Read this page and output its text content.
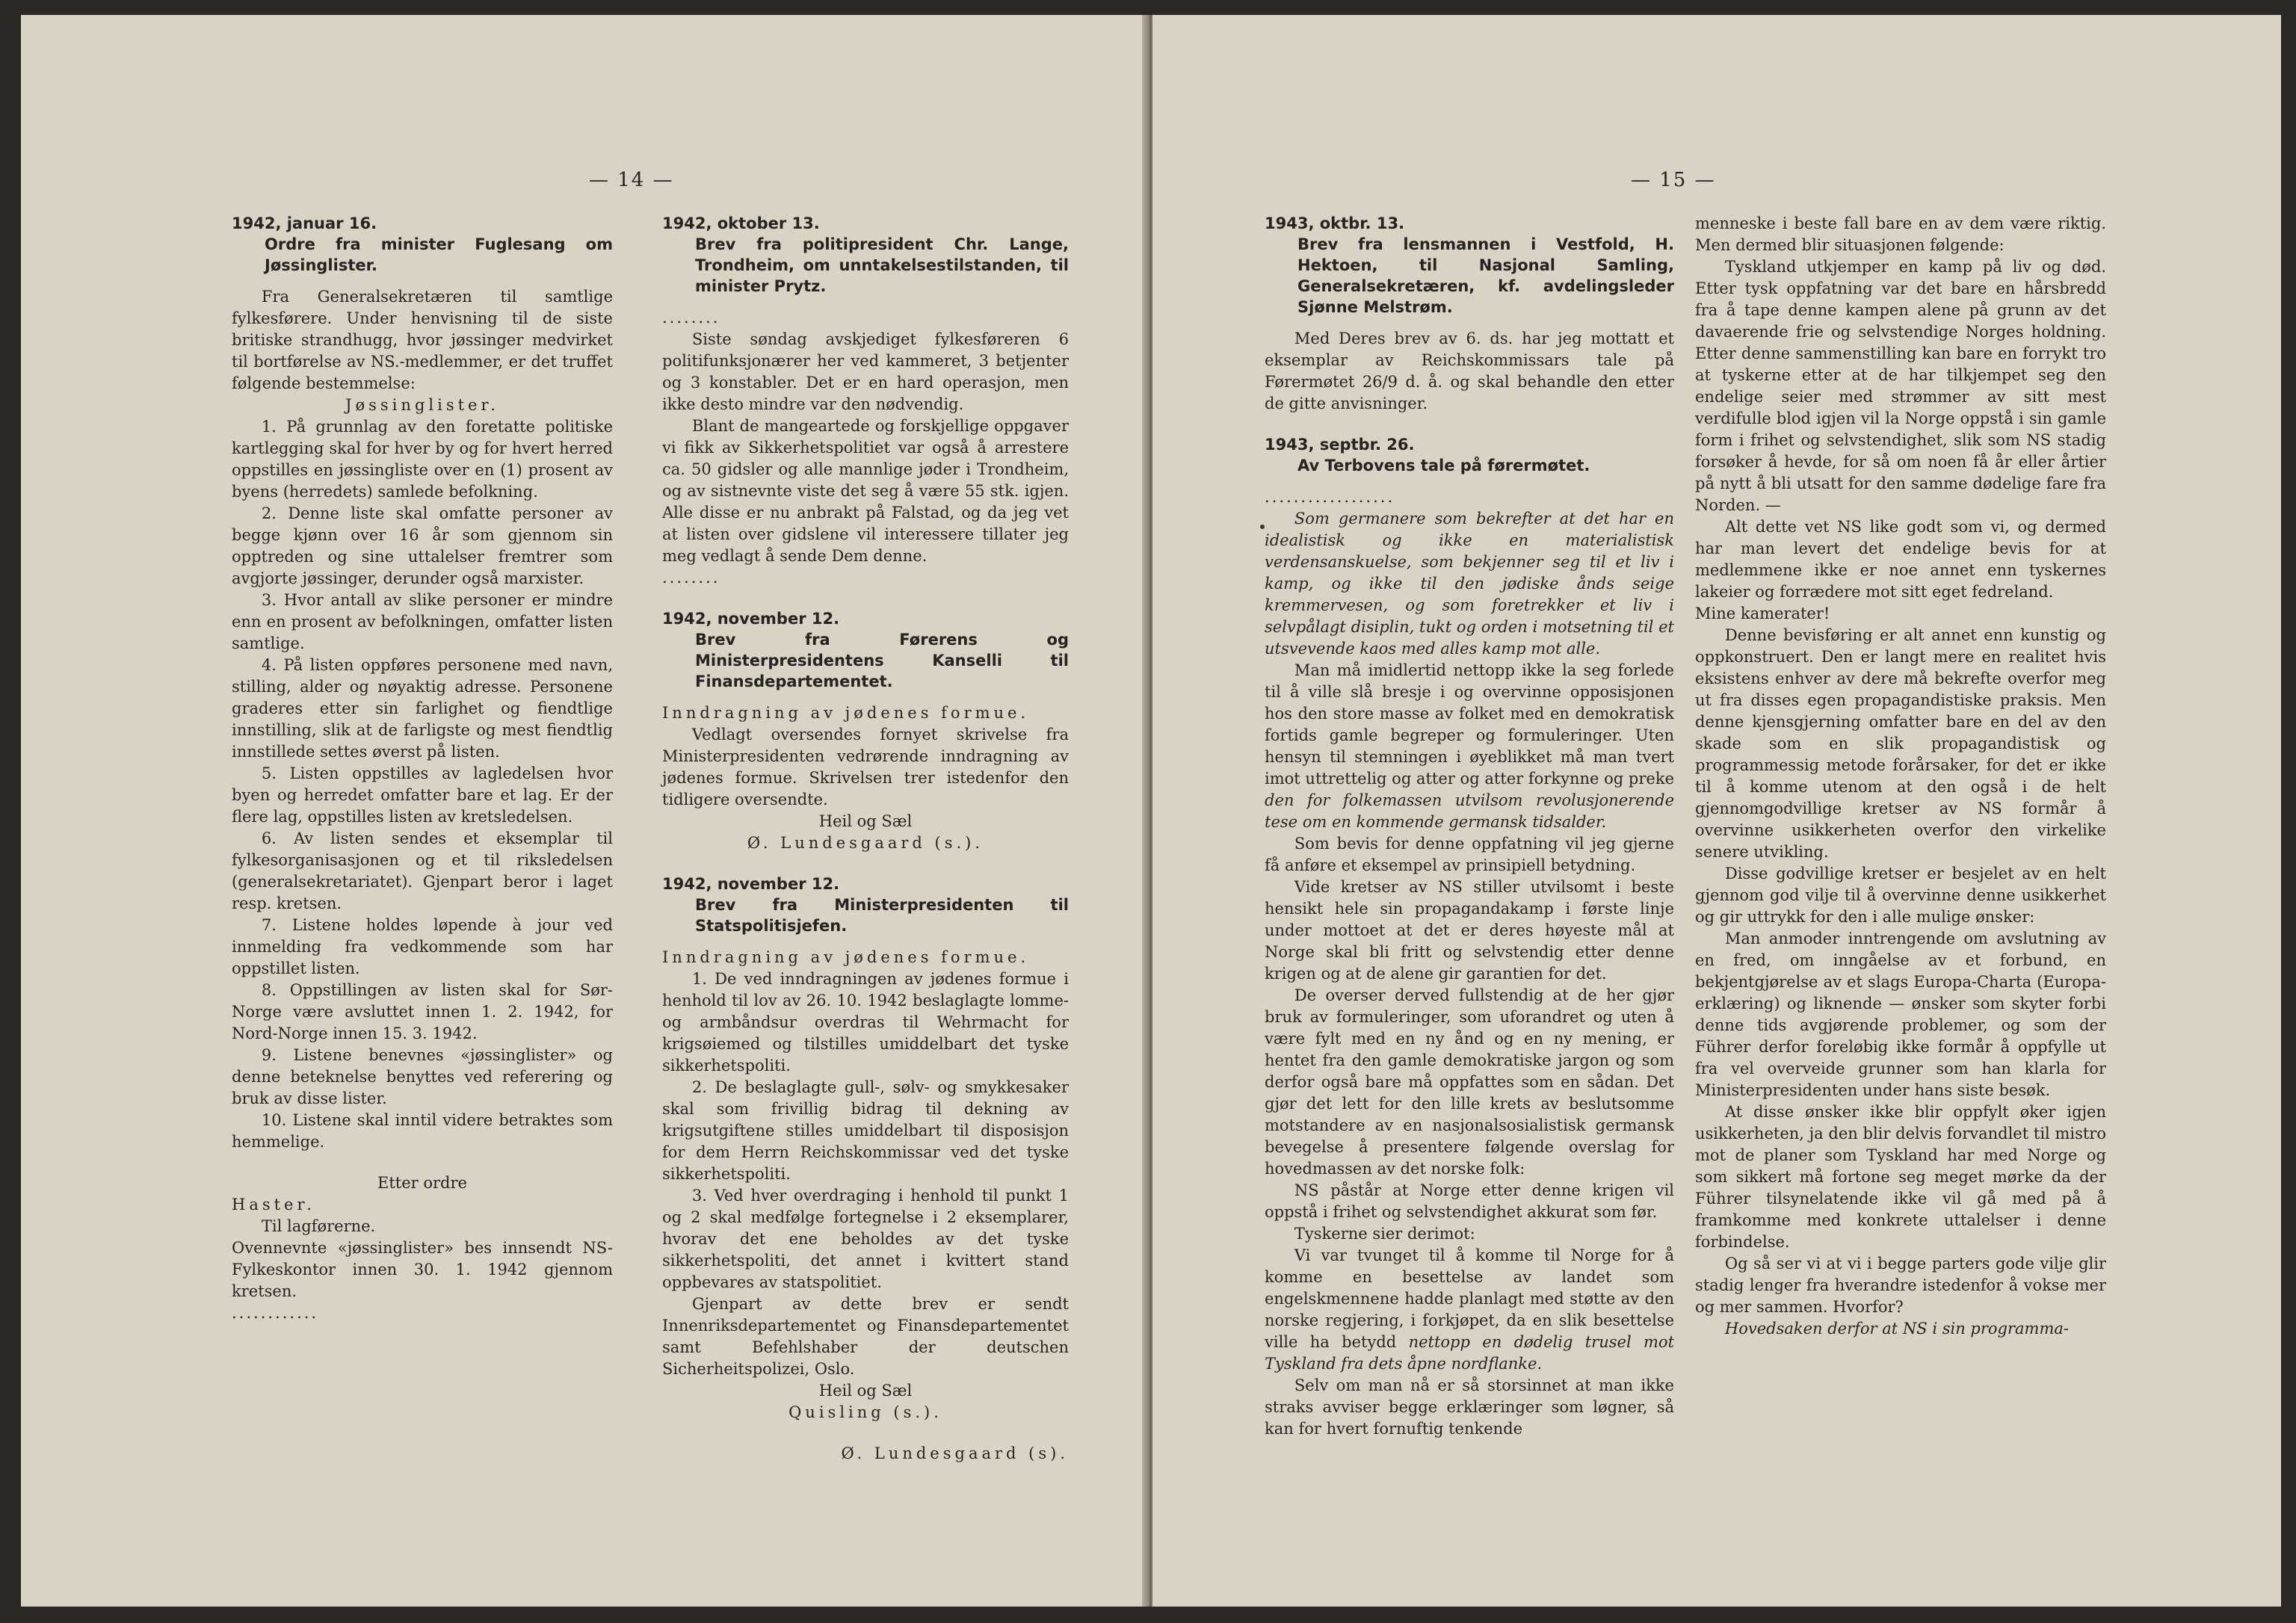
— 14 —

1942, januar 16.

Ordre fra minister Fuglesang om Jøssinglister.

Fra Generalsekretæren til samtlige fylkesførere. Under henvisning til de siste britiske strandhugg, hvor jøssinger medvirket til bortførelse av NS.-medlemmer, er det truffet følgende bestemmelse:

Jøssinglister.

1. På grunnlag av den foretatte politiske kartlegging skal for hver by og for hvert herred oppstilles en jøssingliste over en (1) prosent av byens (herredets) samlede befolkning.

2. Denne liste skal omfatte personer av begge kjønn over 16 år som gjennom sin opptreden og sine uttalelser fremtrer som avgjorte jøssinger, derunder også marxister.

3. Hvor antall av slike personer er mindre enn en prosent av befolkningen, omfatter listen samtlige.

4. På listen oppføres personene med navn, stilling, alder og nøyaktig adresse. Personene graderes etter sin farlighet og fiendtlige innstilling, slik at de farligste og mest fiendtlig innstillede settes øverst på listen.

5. Listen oppstilles av lagledelsen hvor byen og herredet omfatter bare et lag. Er der flere lag, oppstilles listen av kretsledelsen.

6. Av listen sendes et eksemplar til fylkesorganisasjonen og et til riksledelsen (generalsekretariatet). Gjenpart beror i laget resp. kretsen.

7. Listene holdes løpende à jour ved innmelding fra vedkommende som har oppstillet listen.

8. Oppstillingen av listen skal for Sør-Norge være avsluttet innen 1. 2. 1942, for Nord-Norge innen 15. 3. 1942.

9. Listene benevnes «jøssinglister» og denne beteknelse benyttes ved referering og bruk av disse lister.

10. Listene skal inntil videre betraktes som hemmelige.

Etter ordre

Haster.

Til lagførerne.

Ovennevnte «jøssinglister» bes innsendt NS-Fylkeskontor innen 30. 1. 1942 gjennom kretsen.

............

1942, oktober 13.

Brev fra politipresident Chr. Lange, Trondheim, om unntakelsestilstanden, til minister Prytz.

........

Siste søndag avskjediget fylkesføreren 6 politifunksjonærer her ved kammeret, 3 betjenter og 3 konstabler. Det er en hard operasjon, men ikke desto mindre var den nødvendig.

Blant de mangeartede og forskjellige oppgaver vi fikk av Sikkerhetspolitiet var også å arrestere ca. 50 gidsler og alle mannlige jøder i Trondheim, og av sistnevnte viste det seg å være 55 stk. igjen. Alle disse er nu anbrakt på Falstad, og da jeg vet at listen over gidslene vil interessere tillater jeg meg vedlagt å sende Dem denne.

........

1942, november 12.

Brev fra Førerens og Ministerpresidentens Kanselli til Finansdepartementet.

Inndragning av jødenes formue.

Vedlagt oversendes fornyet skrivelse fra Ministerpresidenten vedrørende inndragning av jødenes formue. Skrivelsen trer istedenfor den tidligere oversendte.

Heil og Sæl

Ø. Lundesgaard (s.).

1942, november 12.

Brev fra Ministerpresidenten til Statspolitisjefen.

Inndragning av jødenes formue.

1. De ved inndragningen av jødenes formue i henhold til lov av 26. 10. 1942 beslaglagte lomme- og armbåndsur overdras til Wehrmacht for krigsøiemed og tilstilles umiddelbart det tyske sikkerhetspoliti.

2. De beslaglagte gull-, sølv- og smykkesaker skal som frivillig bidrag til dekning av krigsutgiftene stilles umiddelbart til disposisjon for dem Herrn Reichskommissar ved det tyske sikkerhetspoliti.

3. Ved hver overdraging i henhold til punkt 1 og 2 skal medfølge fortegnelse i 2 eksemplarer, hvorav det ene beholdes av det tyske sikkerhetspoliti, det annet i kvittert stand oppbevares av statspolitiet.

Gjenpart av dette brev er sendt Innenriksdepartementet og Finansdepartementet samt Befehlshaber der deutschen Sicherheitspolizei, Oslo.

Heil og Sæl

Quisling (s.).

Ø. Lundesgaard (s).

— 15 —

1943, oktbr. 13.

Brev fra lensmannen i Vestfold, H. Hektoen, til Nasjonal Samling, Generalsekretæren, kf. avdelingsleder Sjønne Melstrøm.

Med Deres brev av 6. ds. har jeg mottatt et eksemplar av Reichskommissars tale på Førermøtet 26/9 d. å. og skal behandle den etter de gitte anvisninger.

1943, septbr. 26.

Av Terbovens tale på førermøtet.

..................

Som germanere som bekrefter at det har en idealistisk og ikke en materialistisk verdensanskuelse, som bekjenner seg til et liv i kamp, og ikke til den jødiske ånds seige kremmervesen, og som foretrekker et liv i selvpålagt disiplin, tukt og orden i motsetning til et utsvevende kaos med alles kamp mot alle.

Man må imidlertid nettopp ikke la seg forlede til å ville slå bresje i og overvinne opposisjonen hos den store masse av folket med en demokratisk fortids gamle begreper og formuleringer. Uten hensyn til stemningen i øyeblikket må man tvert imot uttrettelig og atter og atter forkynne og preke den for folkemassen utvilsom revolusjonerende tese om en kommende germansk tidsalder.

Som bevis for denne oppfatning vil jeg gjerne få anføre et eksempel av prinsipiell betydning.

Vide kretser av NS stiller utvilsomt i beste hensikt hele sin propagandakamp i første linje under mottoet at det er deres høyeste mål at Norge skal bli fritt og selvstendig etter denne krigen og at de alene gir garantien for det.

De overser derved fullstendig at de her gjør bruk av formuleringer, som uforandret og uten å være fylt med en ny ånd og en ny mening, er hentet fra den gamle demokratiske jargon og som derfor også bare må oppfattes som en sådan. Det gjør det lett for den lille krets av beslutsomme motstandere av en nasjonalsosialistisk germansk bevegelse å presentere følgende overslag for hovedmassen av det norske folk:

NS påstår at Norge etter denne krigen vil oppstå i frihet og selvstendighet akkurat som før.

Tyskerne sier derimot:

Vi var tvunget til å komme til Norge for å komme en besettelse av landet som engelskmennene hadde planlagt med støtte av den norske regjering, i forkjøpet, da en slik besettelse ville ha betydd nettopp en dødelig trusel mot Tyskland fra dets åpne nordflanke.

Selv om man nå er så storsinnet at man ikke straks avviser begge erklæringer som løgner, så kan for hvert fornuftig tenkende

menneske i beste fall bare en av dem være riktig. Men dermed blir situasjonen følgende:

Tyskland utkjemper en kamp på liv og død. Etter tysk oppfatning var det bare en hårsbredd fra å tape denne kampen alene på grunn av det davaerende frie og selvstendige Norges holdning. Etter denne sammenstilling kan bare en forrykt tro at tyskerne etter at de har tilkjempet seg den endelige seier med strømmer av sitt mest verdifulle blod igjen vil la Norge oppstå i sin gamle form i frihet og selvstendighet, slik som NS stadig forsøker å hevde, for så om noen få år eller årtier på nytt å bli utsatt for den samme dødelige fare fra Norden. —

Alt dette vet NS like godt som vi, og dermed har man levert det endelige bevis for at medlemmene ikke er noe annet enn tyskernes lakeier og forrædere mot sitt eget fedreland.

Mine kamerater!

Denne bevisføring er alt annet enn kunstig og oppkonstruert. Den er langt mere en realitet hvis eksistens enhver av dere må bekrefte overfor meg ut fra disses egen propagandistiske praksis. Men denne kjensgjerning omfatter bare en del av den skade som en slik propagandistisk og programmessig metode forårsaker, for det er ikke til å komme utenom at den også i de helt gjennomgodvillige kretser av NS formår å overvinne usikkerheten overfor den virkelike senere utvikling.

Disse godvillige kretser er besjelet av en helt gjennom god vilje til å overvinne denne usikkerhet og gir uttrykk for den i alle mulige ønsker:

Man anmoder inntrengende om avslutning av en fred, om inngåelse av et forbund, en bekjentgjørelse av et slags Europa-Charta (Europa-erklæring) og liknende — ønsker som skyter forbi denne tids avgjørende problemer, og som der Führer derfor foreløbig ikke formår å oppfylle ut fra vel overveide grunner som han klarla for Ministerpresidenten under hans siste besøk.

At disse ønsker ikke blir oppfylt øker igjen usikkerheten, ja den blir delvis forvandlet til mistro mot de planer som Tyskland har med Norge og som sikkert må fortone seg meget mørke da der Führer tilsynelatende ikke vil gå med på å framkomme med konkrete uttalelser i denne forbindelse.

Og så ser vi at vi i begge parters gode vilje glir stadig lenger fra hverandre istedenfor å vokse mer og mer sammen. Hvorfor?

Hovedsaken derfor at NS i sin programma-
